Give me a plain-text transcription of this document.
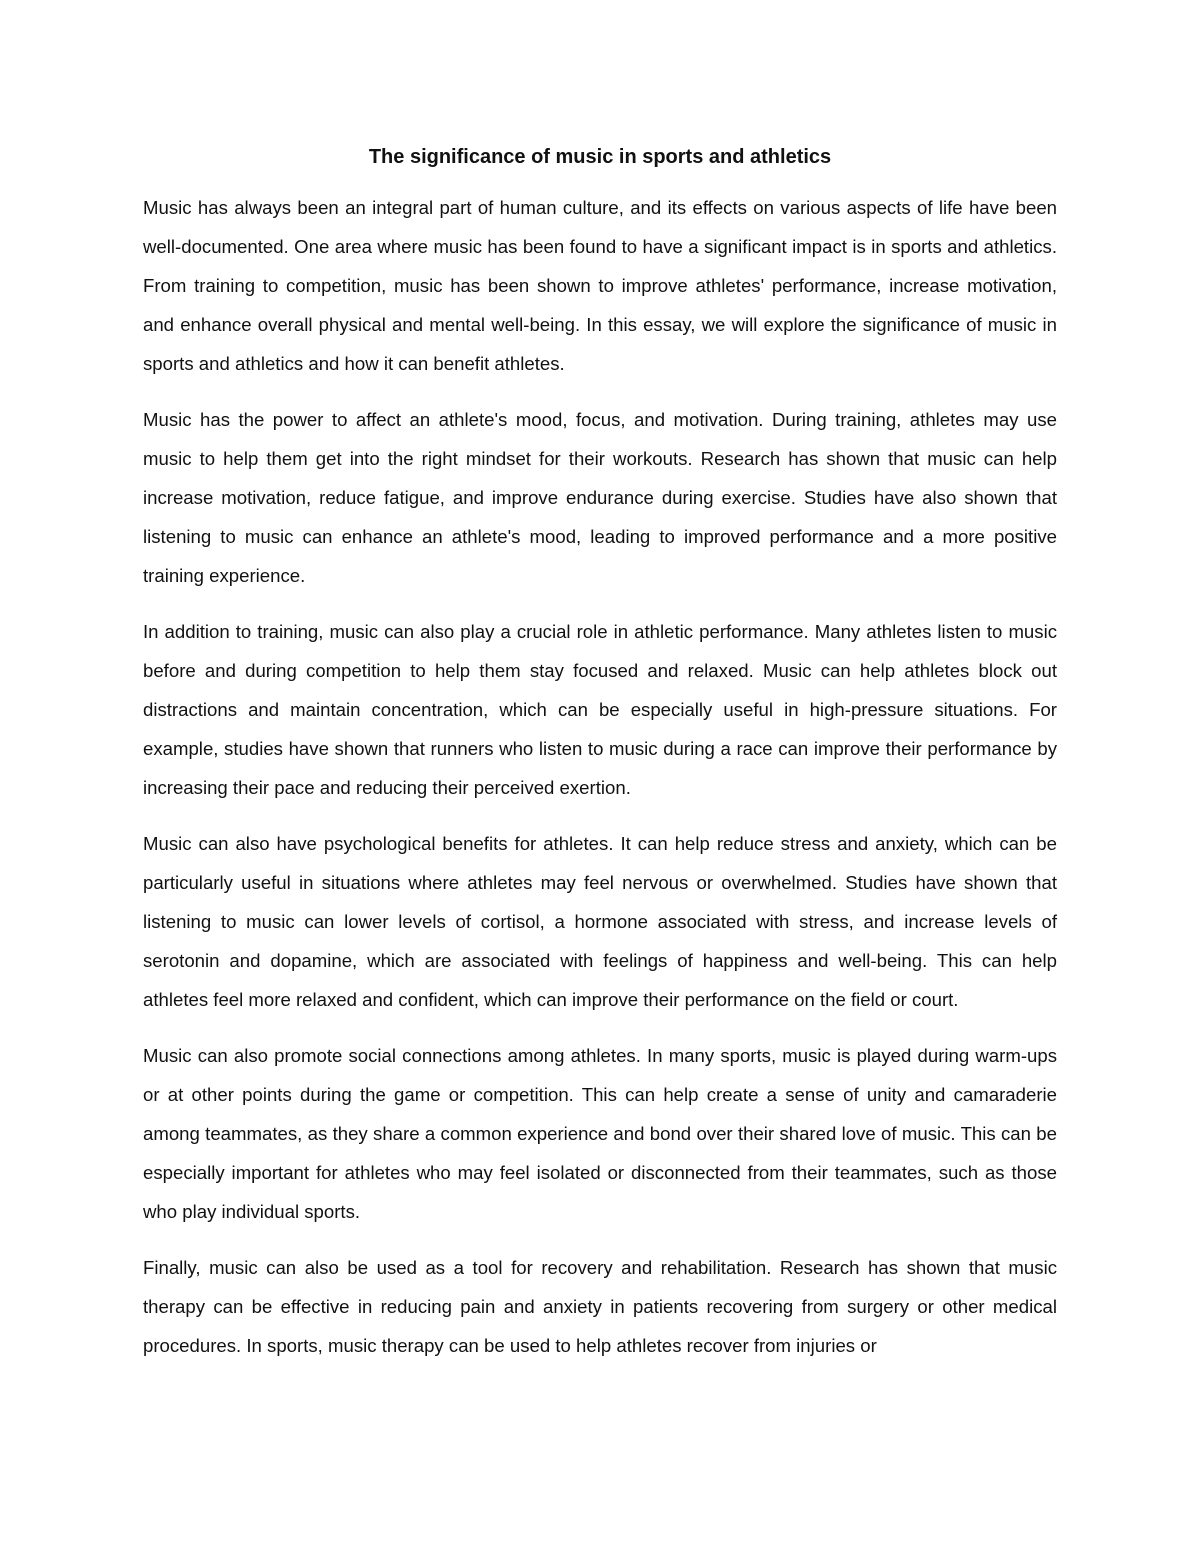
The significance of music in sports and athletics

Music has always been an integral part of human culture, and its effects on various aspects of life have been well-documented. One area where music has been found to have a significant impact is in sports and athletics. From training to competition, music has been shown to improve athletes' performance, increase motivation, and enhance overall physical and mental well-being. In this essay, we will explore the significance of music in sports and athletics and how it can benefit athletes.

Music has the power to affect an athlete's mood, focus, and motivation. During training, athletes may use music to help them get into the right mindset for their workouts. Research has shown that music can help increase motivation, reduce fatigue, and improve endurance during exercise. Studies have also shown that listening to music can enhance an athlete's mood, leading to improved performance and a more positive training experience.

In addition to training, music can also play a crucial role in athletic performance. Many athletes listen to music before and during competition to help them stay focused and relaxed. Music can help athletes block out distractions and maintain concentration, which can be especially useful in high-pressure situations. For example, studies have shown that runners who listen to music during a race can improve their performance by increasing their pace and reducing their perceived exertion.

Music can also have psychological benefits for athletes. It can help reduce stress and anxiety, which can be particularly useful in situations where athletes may feel nervous or overwhelmed. Studies have shown that listening to music can lower levels of cortisol, a hormone associated with stress, and increase levels of serotonin and dopamine, which are associated with feelings of happiness and well-being. This can help athletes feel more relaxed and confident, which can improve their performance on the field or court.

Music can also promote social connections among athletes. In many sports, music is played during warm-ups or at other points during the game or competition. This can help create a sense of unity and camaraderie among teammates, as they share a common experience and bond over their shared love of music. This can be especially important for athletes who may feel isolated or disconnected from their teammates, such as those who play individual sports.

Finally, music can also be used as a tool for recovery and rehabilitation. Research has shown that music therapy can be effective in reducing pain and anxiety in patients recovering from surgery or other medical procedures. In sports, music therapy can be used to help athletes recover from injuries or
